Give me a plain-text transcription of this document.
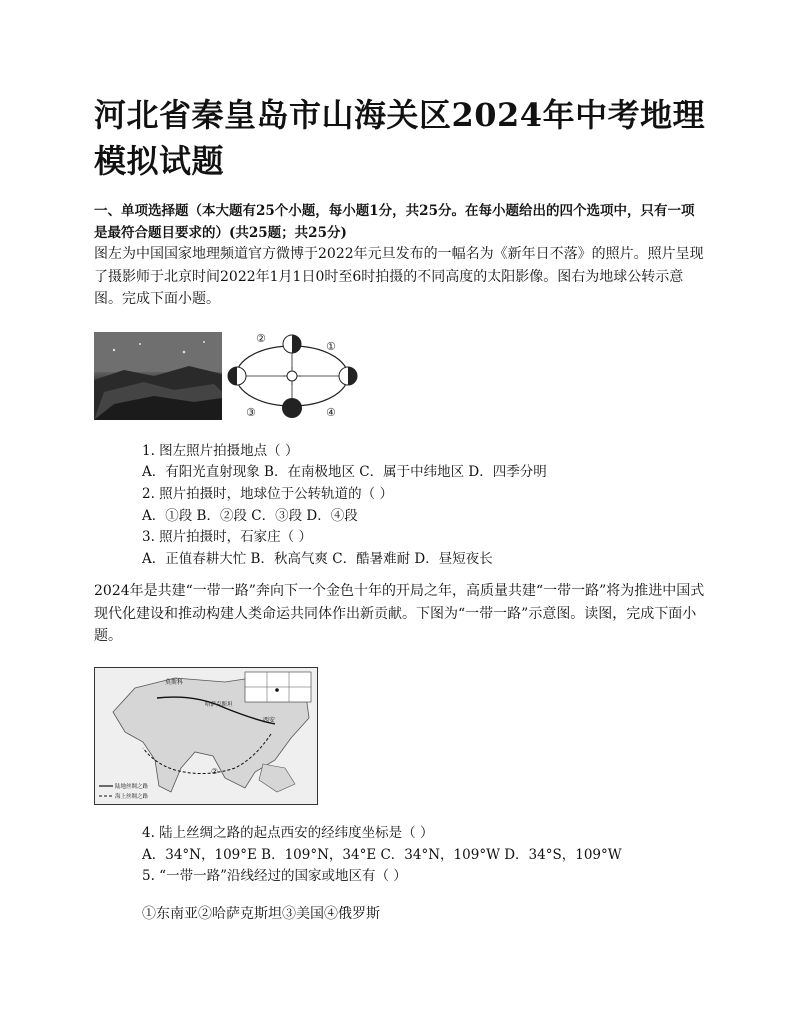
河北省秦皇岛市山海关区2024年中考地理模拟试题
一、单项选择题（本大题有25个小题，每小题1分，共25分。在每小题给出的四个选项中，只有一项是最符合题目要求的）(共25题；共25分)
图左为中国国家地理频道官方微博于2022年元旦发布的一幅名为《新年日不落》的照片。照片呈现了摄影师于北京时间2022年1月1日0时至6时拍摄的不同高度的太阳影像。图右为地球公转示意图。完成下面小题。
②
①
③	④
1. 图左照片拍摄地点（ ）
A．有阳光直射现象 B．在南极地区 C．属于中纬地区 D．四季分明
2. 照片拍摄时，地球位于公转轨道的（ ）
A．①段 B．②段 C．③段 D．④段
3. 照片拍摄时，石家庄（ ）
A．正值春耕大忙 B．秋高气爽 C．酷暑难耐 D．昼短夜长
2024年是共建“一带一路”奔向下一个金色十年的开局之年，高质量共建“一带一路”将为推进中国式现代化建设和推动构建人类命运共同体作出新贡献。下图为“一带一路”示意图。读图，完成下面小题。
莫斯科
哈萨克斯坦
西安
②
陆地丝绸之路
海上丝绸之路
4. 陆上丝绸之路的起点西安的经纬度坐标是（ ）
A．34°N，109°E B．109°N，34°E C．34°N，109°W D．34°S，109°W
5. “一带一路”沿线经过的国家或地区有（ ）
①东南亚②哈萨克斯坦③美国④俄罗斯
